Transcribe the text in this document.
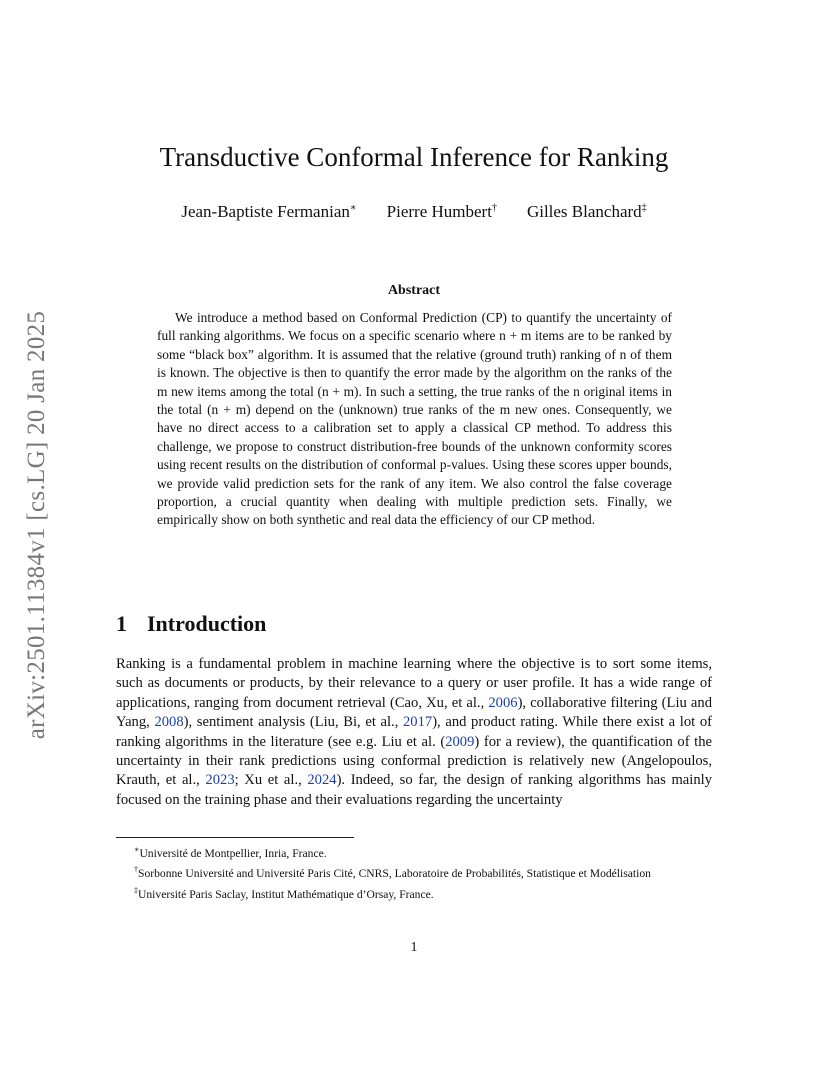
arXiv:2501.11384v1 [cs.LG] 20 Jan 2025
Transductive Conformal Inference for Ranking
Jean-Baptiste Fermanian∗ Pierre Humbert† Gilles Blanchard‡
Abstract

We introduce a method based on Conformal Prediction (CP) to quantify the uncertainty of full ranking algorithms. We focus on a specific scenario where n + m items are to be ranked by some “black box” algorithm. It is assumed that the relative (ground truth) ranking of n of them is known. The objective is then to quantify the error made by the algorithm on the ranks of the m new items among the total (n + m). In such a setting, the true ranks of the n original items in the total (n + m) depend on the (unknown) true ranks of the m new ones. Consequently, we have no direct access to a calibration set to apply a classical CP method. To address this challenge, we propose to construct distribution-free bounds of the unknown conformity scores using recent results on the distribution of conformal p-values. Using these scores upper bounds, we provide valid prediction sets for the rank of any item. We also control the false coverage proportion, a crucial quantity when dealing with multiple prediction sets. Finally, we empirically show on both synthetic and real data the efficiency of our CP method.

1 Introduction

Ranking is a fundamental problem in machine learning where the objective is to sort some items, such as documents or products, by their relevance to a query or user profile. It has a wide range of applications, ranging from document retrieval (Cao, Xu, et al., 2006), collaborative filtering (Liu and Yang, 2008), sentiment analysis (Liu, Bi, et al., 2017), and product rating. While there exist a lot of ranking algorithms in the literature (see e.g. Liu et al. (2009) for a review), the quantification of the uncertainty in their rank predictions using conformal prediction is relatively new (Angelopoulos, Krauth, et al., 2023; Xu et al., 2024). Indeed, so far, the design of ranking algorithms has mainly focused on the training phase and their evaluations regarding the uncertainty

∗Université de Montpellier, Inria, France.

†Sorbonne Université and Université Paris Cité, CNRS, Laboratoire de Probabilités, Statistique et Modélisation

‡Université Paris Saclay, Institut Mathématique d’Orsay, France.

1
